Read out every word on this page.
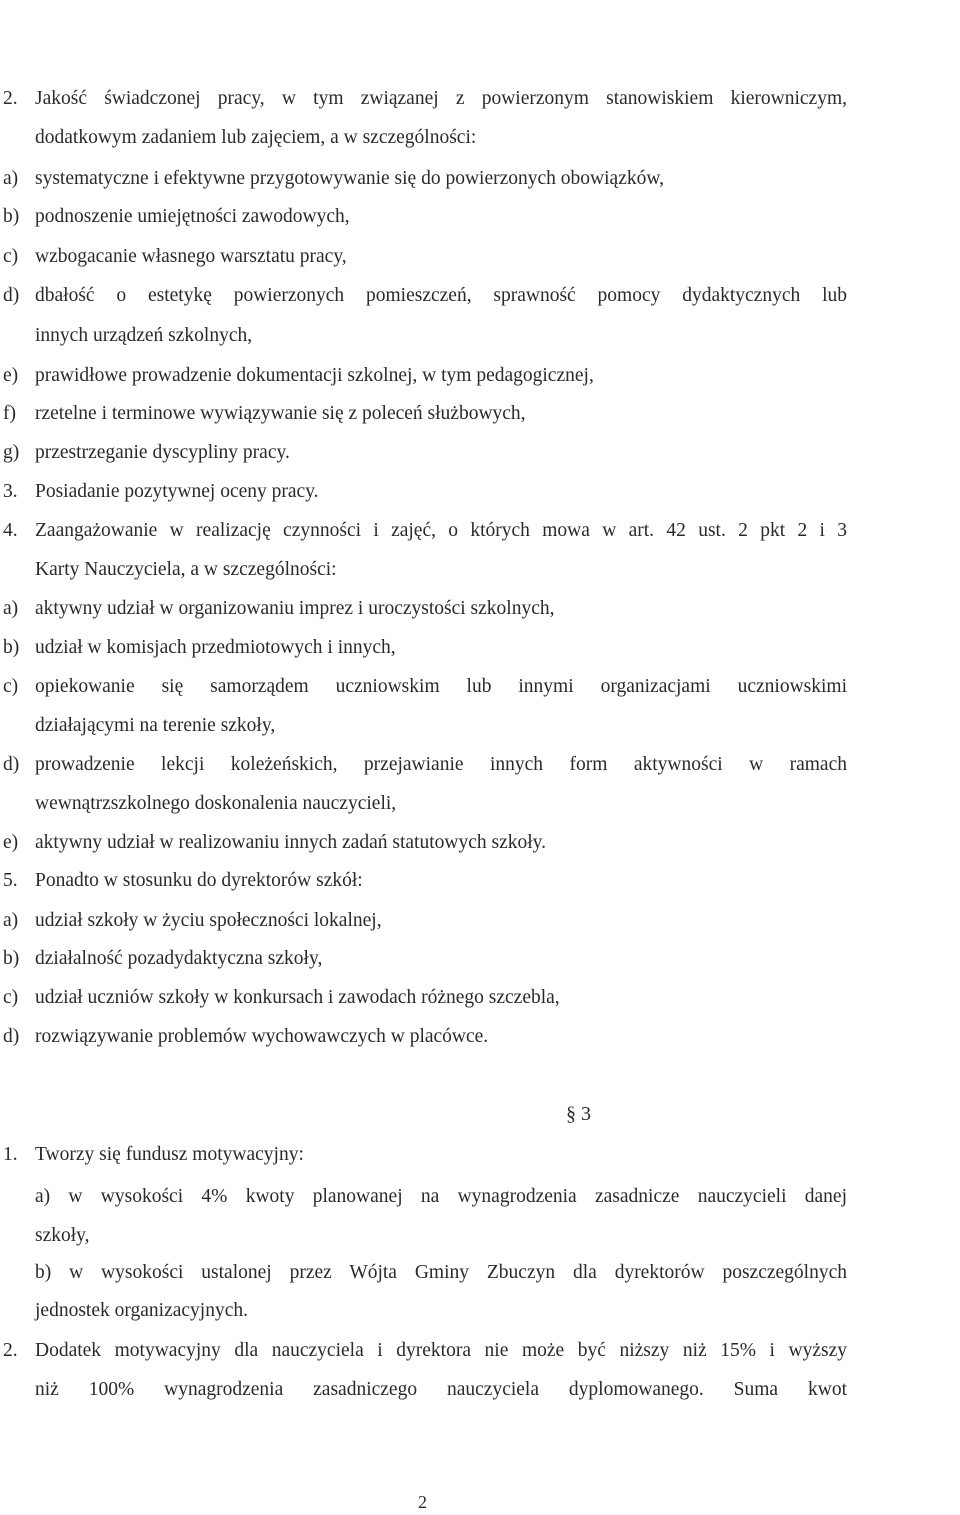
2. Jakość świadczonej pracy, w tym związanej z powierzonym stanowiskiem kierowniczym,
dodatkowym zadaniem lub zajęciem, a w szczególności:
a) systematyczne i efektywne przygotowywanie się do powierzonych obowiązków,
b) podnoszenie umiejętności zawodowych,
c) wzbogacanie własnego warsztatu pracy,
d) dbałość o estetykę powierzonych pomieszczeń, sprawność pomocy dydaktycznych lub
innych urządzeń szkolnych,
e) prawidłowe prowadzenie dokumentacji szkolnej, w tym pedagogicznej,
f) rzetelne i terminowe wywiązywanie się z poleceń służbowych,
g) przestrzeganie dyscypliny pracy.
3. Posiadanie pozytywnej oceny pracy.
4. Zaangażowanie w realizację czynności i zajęć, o których mowa w art. 42 ust. 2 pkt 2 i 3
Karty Nauczyciela, a w szczególności:
a) aktywny udział w organizowaniu imprez i uroczystości szkolnych,
b) udział w komisjach przedmiotowych i innych,
c) opiekowanie się samorządem uczniowskim lub innymi organizacjami uczniowskimi
działającymi na terenie szkoły,
d) prowadzenie lekcji koleżeńskich, przejawianie innych form aktywności w ramach
wewnątrzszkolnego doskonalenia nauczycieli,
e) aktywny udział w realizowaniu innych zadań statutowych szkoły.
5. Ponadto w stosunku do dyrektorów szkół:
a) udział szkoły w życiu społeczności lokalnej,
b) działalność pozadydaktyczna szkoły,
c) udział uczniów szkoły w konkursach i zawodach różnego szczebla,
d) rozwiązywanie problemów wychowawczych w placówce.
§ 3
1. Tworzy się fundusz motywacyjny:
a) w wysokości 4% kwoty planowanej na wynagrodzenia zasadnicze nauczycieli danej
szkoły,
b) w wysokości ustalonej przez Wójta Gminy Zbuczyn dla dyrektorów poszczególnych
jednostek organizacyjnych.
2. Dodatek motywacyjny dla nauczyciela i dyrektora nie może być niższy niż 15% i wyższy
niż 100% wynagrodzenia zasadniczego nauczyciela dyplomowanego. Suma kwot
2
